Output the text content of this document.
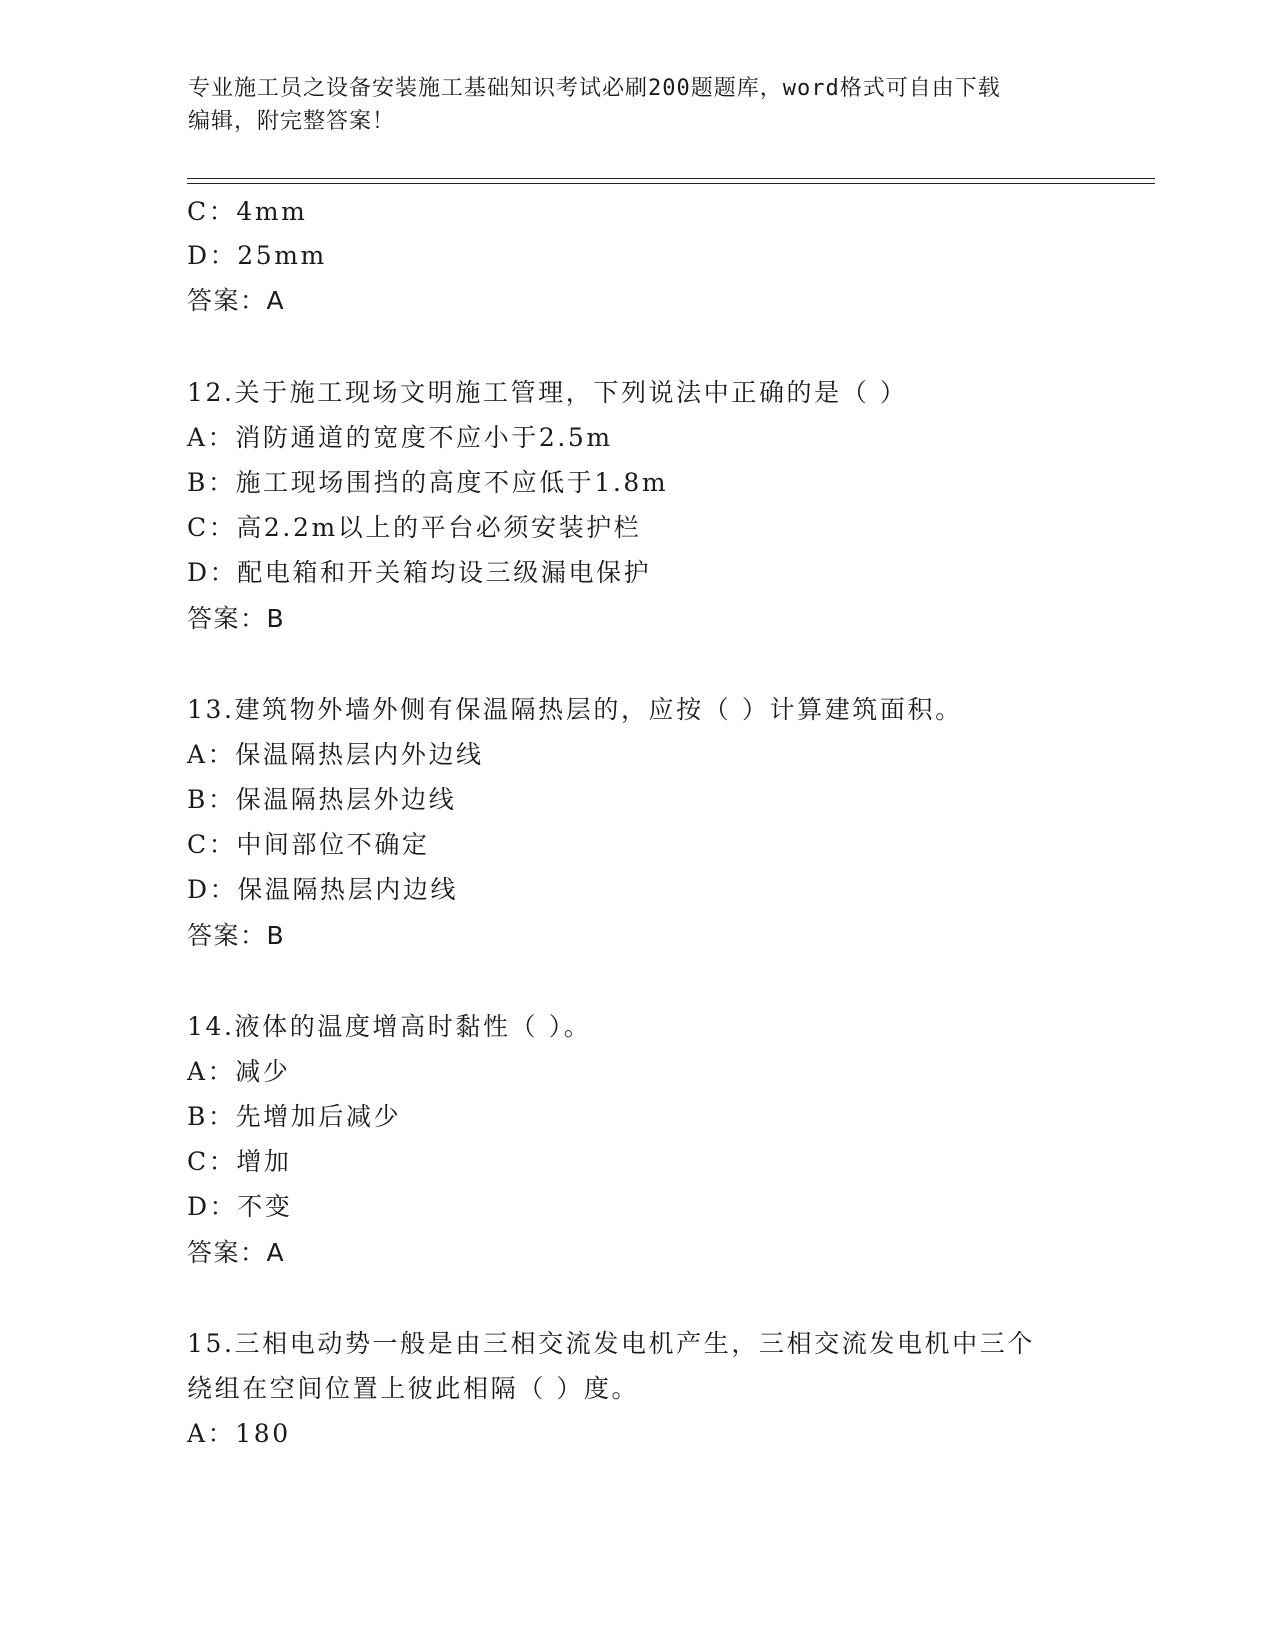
专业施工员之设备安装施工基础知识考试必刷200题题库，word格式可自由下载
编辑，附完整答案！
C：4mm
D：25mm
答案：A
12.关于施工现场文明施工管理，下列说法中正确的是（ ）
A：消防通道的宽度不应小于2.5m
B：施工现场围挡的高度不应低于1.8m
C：高2.2m以上的平台必须安装护栏
D：配电箱和开关箱均设三级漏电保护
答案：B
13.建筑物外墙外侧有保温隔热层的，应按（ ）计算建筑面积。
A：保温隔热层内外边线
B：保温隔热层外边线
C：中间部位不确定
D：保温隔热层内边线
答案：B
14.液体的温度增高时黏性（ ）。
A：减少
B：先增加后减少
C：增加
D：不变
答案：A
15.三相电动势一般是由三相交流发电机产生，三相交流发电机中三个
绕组在空间位置上彼此相隔（ ）度。
A：180
